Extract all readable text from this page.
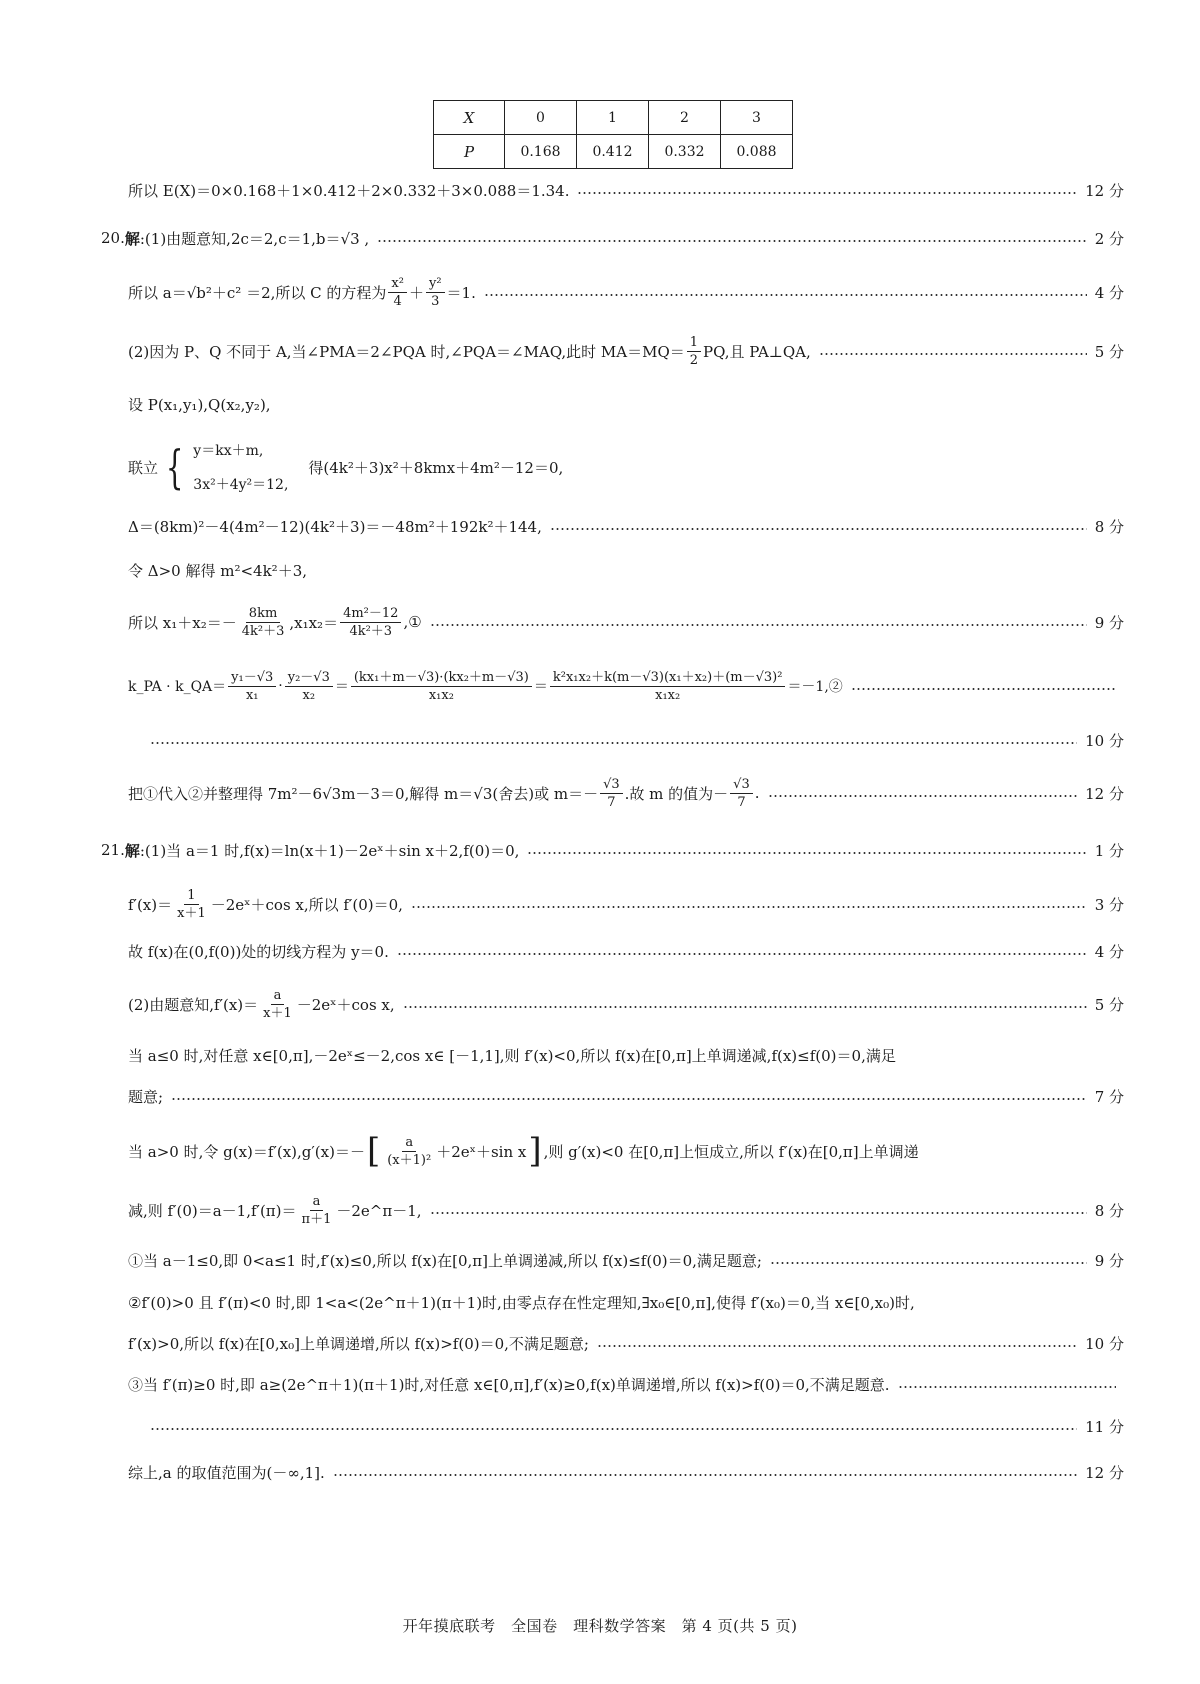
X	0	1	2	3
P	0.168	0.412	0.332	0.088
所以 E(X)＝0×0.168＋1×0.412＋2×0.332＋3×0.088＝1.34.	12 分
20. 解 :(1)由题意知,2c＝2,c＝1,b＝√3 ,	2 分
所以 a＝√b²＋c² ＝2,所以 C 的方程为 $\frac{\text{x²}}{4} + \frac{\text{y²}}{3} =1$.	4 分
(2)因为 P、Q 不同于 A,当∠PMA＝2∠PQA 时,∠PQA＝∠MAQ,此时 $MA=MQ= \frac{1}{2}$ PQ,且 PA⊥QA,	5 分
设 P(x₁,y₁),Q(x₂,y₂),
联立 { y＝kx＋m,
3x²＋4y²＝12,
得(4k²＋3)x²＋8kmx＋4m²－12＝0,
Δ＝(8km)²－4(4m²－12)(4k²＋3)＝－48m²＋192k²＋144,	8 分
令 Δ>0 解得 m²<4k²＋3,
所以 $x_1+x_2=- \frac{8km}{\text{4k²＋3}} ,x_1x_2= \frac{\text{4m²－12}}{\text{4k²＋3}}$ ,①	9 分
k_PA · k_QA＝ $\frac{\text{y₁－√3}}{\text{x₁}} \cdot \frac{\text{y₂－√3}}{\text{x₂}} = \frac{\text{(kx₁＋m－√3)·(kx₂＋m－√3)}}{\text{x₁x₂}} = \frac{\text{k²x₁x₂＋k(m－√3)(x₁＋x₂)＋(m－√3)²}}{\text{x₁x₂}}$ ＝－1,②
10 分
把①代入②并整理得 7m²－6√3m－3＝0,解得 m＝√3(舍去)或 $m=- \frac{√3}{7}$ .故 m 的值为－ $\frac{√3}{7}$ .	12 分
21. 解 :(1)当 a＝1 时,f(x)＝ln(x＋1)－2eˣ＋sin x＋2,f(0)＝0,	1 分
$f'(x)= \frac{1}{x+1}$ －2eˣ＋cos x,所以 f′(0)＝0,	3 分
故 f(x)在(0,f(0))处的切线方程为 y＝0.	4 分
(2)由题意知$,f'(x)= \frac{a}{x+1}$ －2eˣ＋cos x,	5 分
当 a≤0 时,对任意 x∈[0,π],－2eˣ≤－2,cos x∈ [－1,1],则 f′(x)<0,所以 f(x)在[0,π]上单调递减,f(x)≤f(0)＝0,满足
题意;	7 分
当 a>0 时,令 g(x)＝f′(x),g′(x)＝－ [ $\frac{a}{\text{(x＋1)²}}$ ＋2eˣ＋sin x ] ,则 g′(x)<0 在[0,π]上恒成立,所以 f′(x)在[0,π]上单调递
减,则 $f'(0)=a-1,f'(\pi)= \frac{a}{\pi+1}$ －2e^π－1,	8 分
①当 a－1≤0,即 0<a≤1 时,f′(x)≤0,所以 f(x)在[0,π]上单调递减,所以 f(x)≤f(0)＝0,满足题意;	9 分
②f′(0)>0 且 f′(π)<0 时,即 1<a<(2e^π＋1)(π＋1)时,由零点存在性定理知,∃x₀∈[0,π],使得 f′(x₀)＝0,当 x∈[0,x₀)时,
f′(x)>0,所以 f(x)在[0,x₀]上单调递增,所以 f(x)>f(0)＝0,不满足题意;	10 分
③当 f′(π)≥0 时,即 a≥(2e^π＋1)(π＋1)时,对任意 x∈[0,π],f′(x)≥0,f(x)单调递增,所以 f(x)>f(0)＝0,不满足题意.
11 分
综上,a 的取值范围为(－∞,1].	12 分
开年摸底联考　全国卷　理科数学答案　第 4 页(共 5 页)
